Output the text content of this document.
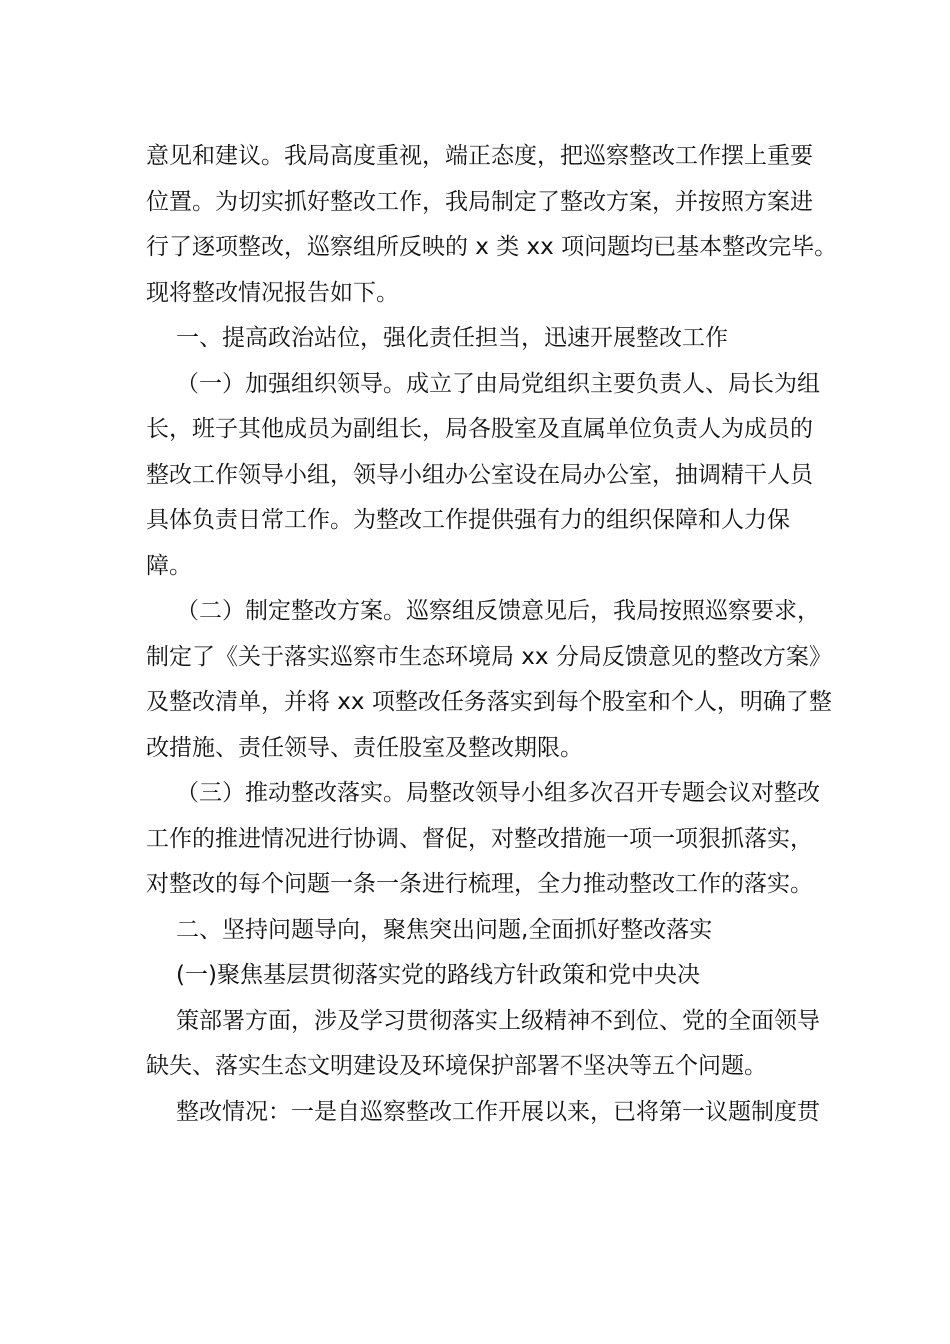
意见和建议。我局高度重视，端正态度，把巡察整改工作摆上重要

位置。为切实抓好整改工作，我局制定了整改方案，并按照方案进

行了逐项整改，巡察组所反映的 x 类 xx 项问题均已基本整改完毕。

现将整改情况报告如下。

一、提高政治站位，强化责任担当，迅速开展整改工作

（一）加强组织领导。成立了由局党组织主要负责人、局长为组

长，班子其他成员为副组长，局各股室及直属单位负责人为成员的

整改工作领导小组，领导小组办公室设在局办公室，抽调精干人员

具体负责日常工作。为整改工作提供强有力的组织保障和人力保

障。

（二）制定整改方案。巡察组反馈意见后，我局按照巡察要求，

制定了《关于落实巡察市生态环境局 xx 分局反馈意见的整改方案》

及整改清单，并将 xx 项整改任务落实到每个股室和个人，明确了整

改措施、责任领导、责任股室及整改期限。

（三）推动整改落实。局整改领导小组多次召开专题会议对整改

工作的推进情况进行协调、督促，对整改措施一项一项狠抓落实，

对整改的每个问题一条一条进行梳理，全力推动整改工作的落实。

二、坚持问题导向，聚焦突出问题,全面抓好整改落实

(一)聚焦基层贯彻落实党的路线方针政策和党中央决

策部署方面，涉及学习贯彻落实上级精神不到位、党的全面领导

缺失、落实生态文明建设及环境保护部署不坚决等五个问题。

整改情况：一是自巡察整改工作开展以来，已将第一议题制度贯
